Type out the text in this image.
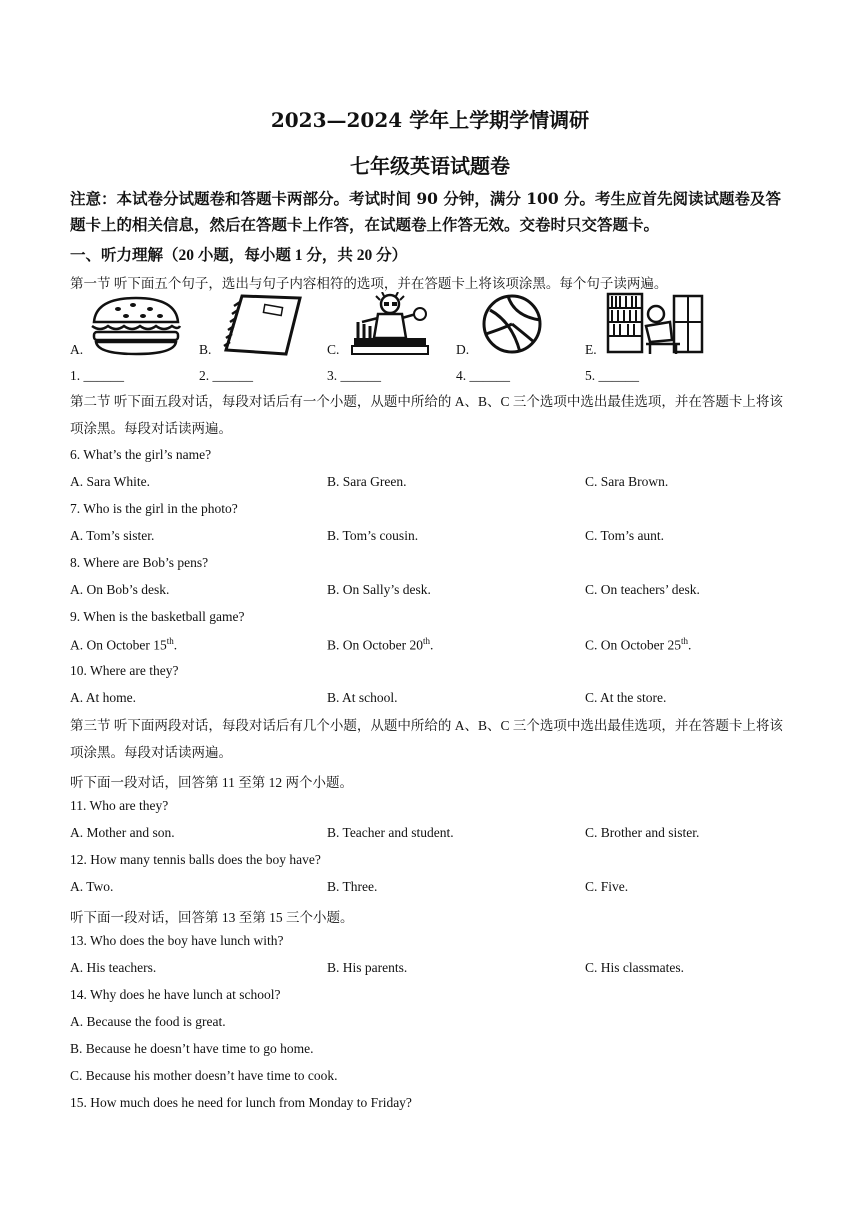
2023—2024 学年上学期学情调研
七年级英语试题卷
注意：本试卷分试题卷和答题卡两部分。考试时间 90 分钟，满分 100 分。考生应首先阅读试题卷及答题卡上的相关信息，然后在答题卡上作答，在试题卷上作答无效。交卷时只交答题卡。
一、听力理解（20 小题，每小题 1 分，共 20 分）
第一节 听下面五个句子，选出与句子内容相符的选项，并在答题卡上将该项涂黑。每个句子读两遍。
A.	B.	C.	D.	E.
1. ______	2. ______	3. ______	4. ______	5. ______
第二节 听下面五段对话，每段对话后有一个小题，从题中所给的 A、B、C 三个选项中选出最佳选项，并在答题卡上将该项涂黑。每段对话读两遍。
6. What’s the girl’s name?
A. Sara White.	B. Sara Green.	C. Sara Brown.
7. Who is the girl in the photo?
A. Tom’s sister.	B. Tom’s cousin.	C. Tom’s aunt.
8. Where are Bob’s pens?
A. On Bob’s desk.	B. On Sally’s desk.	C. On teachers’ desk.
9. When is the basketball game?
A. On October 15th.	B. On October 20th.	C. On October 25th.
10. Where are they?
A. At home.	B. At school.	C. At the store.
第三节 听下面两段对话，每段对话后有几个小题，从题中所给的 A、B、C 三个选项中选出最佳选项，并在答题卡上将该项涂黑。每段对话读两遍。
听下面一段对话，回答第 11 至第 12 两个小题。
11. Who are they?
A. Mother and son.	B. Teacher and student.	C. Brother and sister.
12. How many tennis balls does the boy have?
A. Two.	B. Three.	C. Five.
听下面一段对话，回答第 13 至第 15 三个小题。
13. Who does the boy have lunch with?
A. His teachers.	B. His parents.	C. His classmates.
14. Why does he have lunch at school?
A. Because the food is great.
B. Because he doesn’t have time to go home.
C. Because his mother doesn’t have time to cook.
15. How much does he need for lunch from Monday to Friday?
